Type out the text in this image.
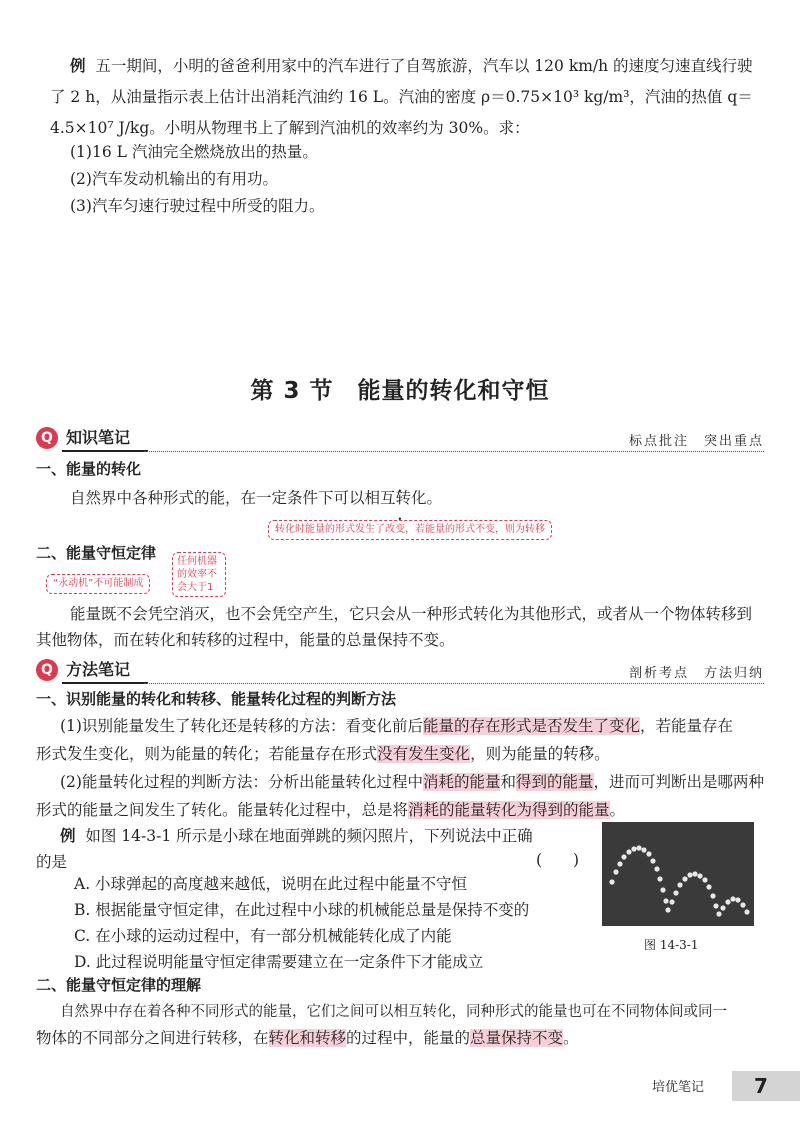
例 五一期间，小明的爸爸利用家中的汽车进行了自驾旅游，汽车以 120 km/h 的速度匀速直线行驶
了 2 h，从油量指示表上估计出消耗汽油约 16 L。汽油的密度 ρ＝0.75×10³ kg/m³，汽油的热值 q＝
4.5×10⁷ J/kg。小明从物理书上了解到汽油机的效率约为 30%。求：
(1)16 L 汽油完全燃烧放出的热量。
(2)汽车发动机输出的有用功。
(3)汽车匀速行驶过程中所受的阻力。
第 3 节　能量的转化和守恒
Q 知识笔记	标点批注　突出重点
一、能量的转化
自然界中各种形式的能，在一定条件下可以相互转化 • •。
转化时能量的形式发生了改变，若能量的形式不变，则为转移
二、能量守恒定律
“永动机”不可能制成
任何机器
的效率不
会大于1
能量既不会凭空消灭，也不会凭空产生，它只会从一种形式转化为其他形式，或者从一个物体转移到
其他物体，而在转化和转移的过程中，能量的总量保持不变。
Q 方法笔记	剖析考点　方法归纳
一、识别能量的转化和转移、能量转化过程的判断方法
(1)识别能量发生了转化还是转移的方法：看变化前后能量的存在形式是否发生了变化，若能量存在
形式发生变化 • •，则为能量的转化 • •；若能量存在形式没有发生变化，则为能量的转移 • •。
(2)能量转化过程的判断方法：分析出能量转化过程中消耗的能量和得到的能量，进而可判断出是哪两种
形式的能量之间发生了转化。能量转化过程中，总是将消耗的能量转化为得到的能量。
例 如图 14-3-1 所示是小球在地面弹跳的频闪照片，下列说法中正确
的是	(　　)
A. 小球弹起的高度越来越低，说明在此过程中能量不守恒
B. 根据能量守恒定律，在此过程中小球的机械能总量是保持不变的
C. 在小球的运动过程中，有一部分机械能转化成了内能
D. 此过程说明能量守恒定律需要建立在一定条件下才能成立
图 14-3-1
二、能量守恒定律的理解
自然界中存在着各种不同形式的能量，它们之间可以相互转化，同种形式的能量也可在不同物体间或同一
物体的不同部分之间进行转移，在转化和转移的过程中，能量的总量保持不变。
培优笔记	7
